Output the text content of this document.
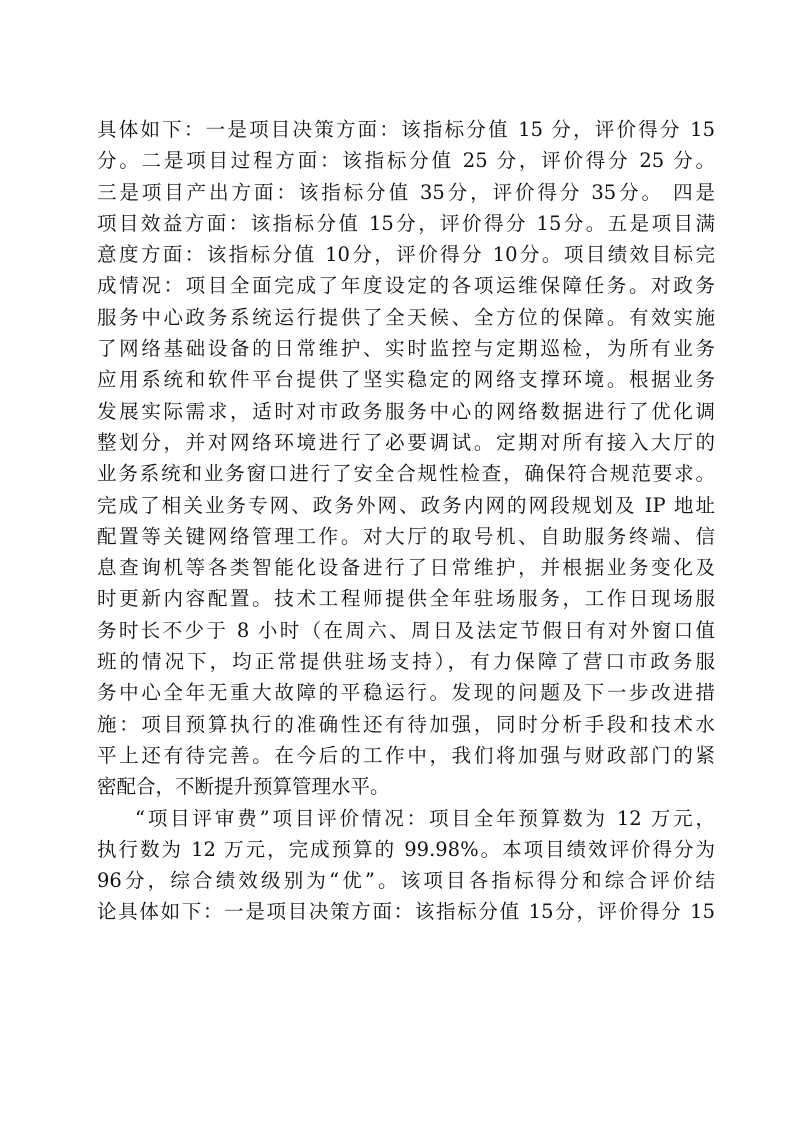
具体如下：一是项目决策方面：该指标分值 15 分，评价得分 15
分。二是项目过程方面：该指标分值 25 分，评价得分 25 分。
三是项目产出方面：该指标分值 35分，评价得分 35分。 四是
项目效益方面：该指标分值 15分，评价得分 15分。五是项目满
意度方面：该指标分值 10分，评价得分 10分。项目绩效目标完
成情况：项目全面完成了年度设定的各项运维保障任务。对政务
服务中心政务系统运行提供了全天候、全方位的保障。有效实施
了网络基础设备的日常维护、实时监控与定期巡检，为所有业务
应用系统和软件平台提供了坚实稳定的网络支撑环境。根据业务
发展实际需求，适时对市政务服务中心的网络数据进行了优化调
整划分，并对网络环境进行了必要调试。定期对所有接入大厅的
业务系统和业务窗口进行了安全合规性检查，确保符合规范要求。
完成了相关业务专网、政务外网、政务内网的网段规划及 IP 地址
配置等关键网络管理工作。对大厅的取号机、自助服务终端、信
息查询机等各类智能化设备进行了日常维护，并根据业务变化及
时更新内容配置。技术工程师提供全年驻场服务，工作日现场服
务时长不少于 8 小时（在周六、周日及法定节假日有对外窗口值
班的情况下，均正常提供驻场支持），有力保障了营口市政务服
务中心全年无重大故障的平稳运行。发现的问题及下一步改进措
施：项目预算执行的准确性还有待加强，同时分析手段和技术水
平上还有待完善。在今后的工作中，我们将加强与财政部门的紧
密配合，不断提升预算管理水平。
“项目评审费”项目评价情况：项目全年预算数为 12 万元，
执行数为 12 万元，完成预算的 99.98%。本项目绩效评价得分为
96分，综合绩效级别为“优”。该项目各指标得分和综合评价结
论具体如下：一是项目决策方面：该指标分值 15分，评价得分 15
